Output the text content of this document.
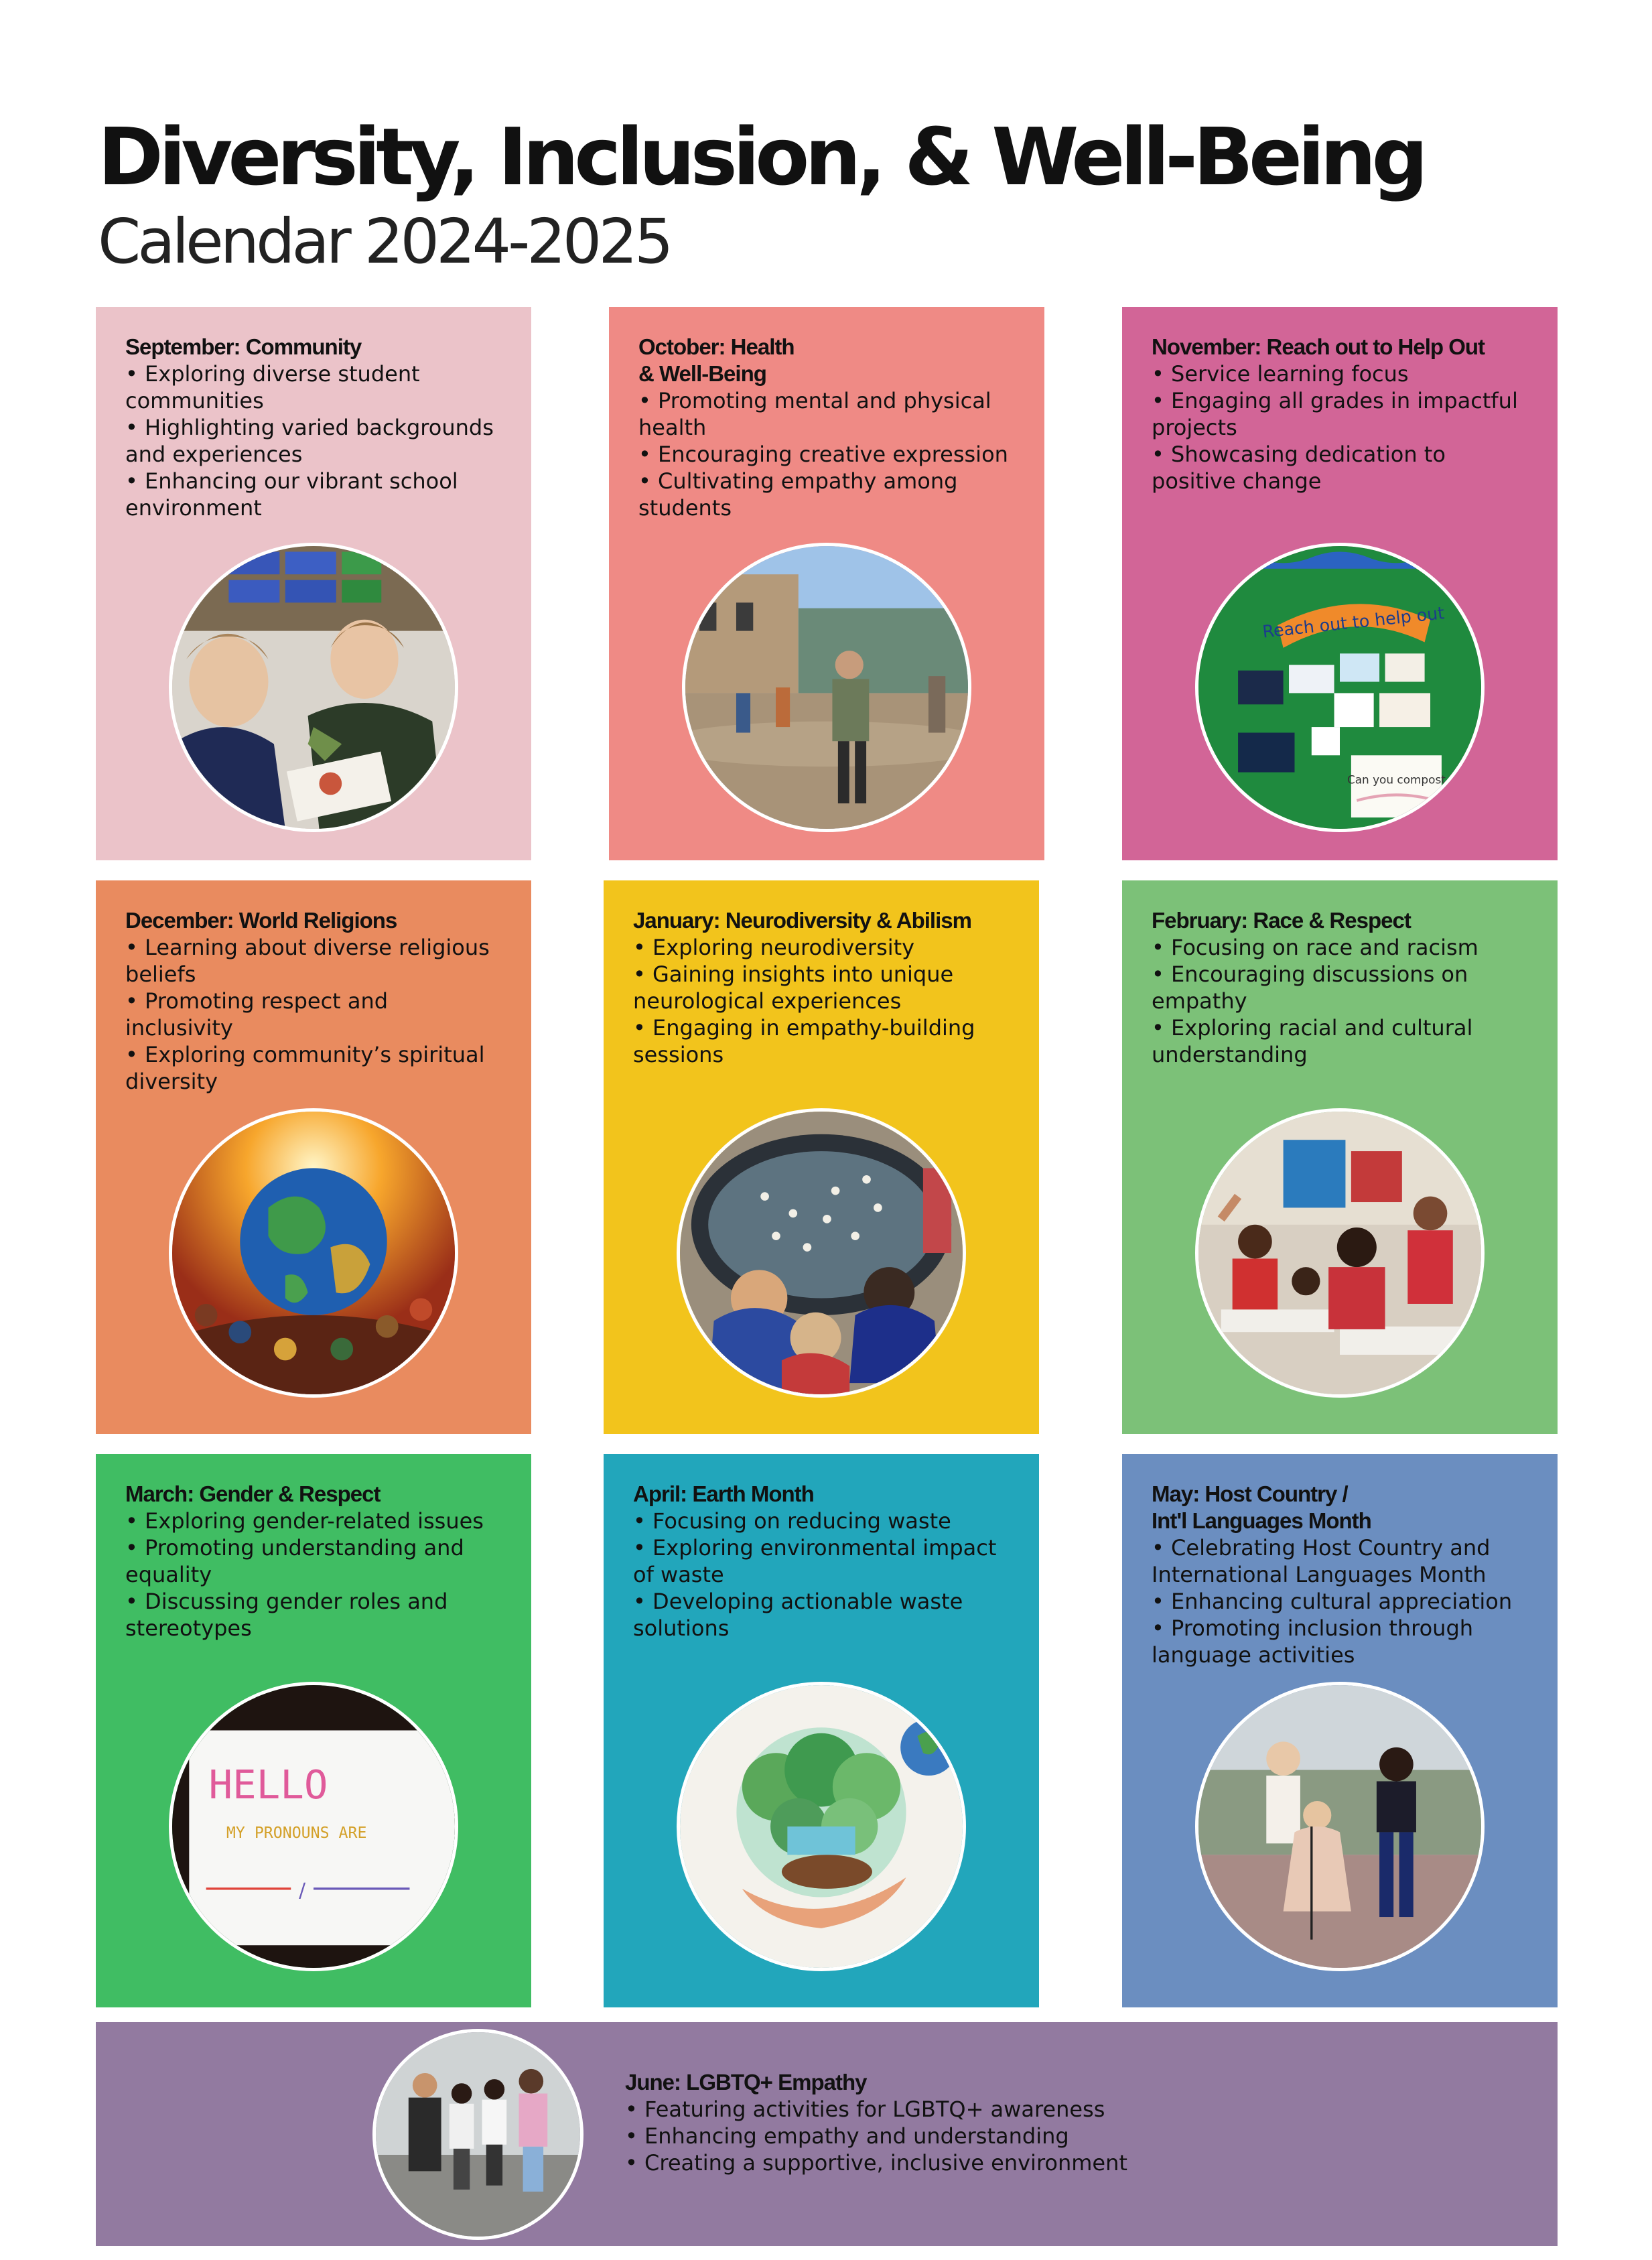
Diversity, Inclusion, & Well-Being
Calendar 2024-2025
September: Community
• Exploring diverse student communities
• Highlighting varied backgrounds and experiences
• Enhancing our vibrant school environment
October: Health
& Well-Being
• Promoting mental and physical health
• Encouraging creative expression
• Cultivating empathy among students
November: Reach out to Help Out
• Service learning focus
• Engaging all grades in impactful projects
• Showcasing dedication to positive change
Reach out to help out
Can you compost
December: World Religions
• Learning about diverse religious beliefs
• Promoting respect and inclusivity
• Exploring community’s spiritual diversity
January: Neurodiversity & Abilism
• Exploring neurodiversity
• Gaining insights into unique neurological experiences
• Engaging in empathy-building sessions
February: Race & Respect
• Focusing on race and racism
• Encouraging discussions on empathy
• Exploring racial and cultural understanding
March: Gender & Respect
• Exploring gender-related issues
• Promoting understanding and equality
• Discussing gender roles and stereotypes
HELLO
MY PRONOUNS ARE
/
April: Earth Month
• Focusing on reducing waste
• Exploring environmental impact of waste
• Developing actionable waste solutions
May: Host Country /
Int'l Languages Month
• Celebrating Host Country and International Languages Month
• Enhancing cultural appreciation
• Promoting inclusion through language activities
June: LGBTQ+ Empathy
• Featuring activities for LGBTQ+ awareness
• Enhancing empathy and understanding
• Creating a supportive, inclusive environment
